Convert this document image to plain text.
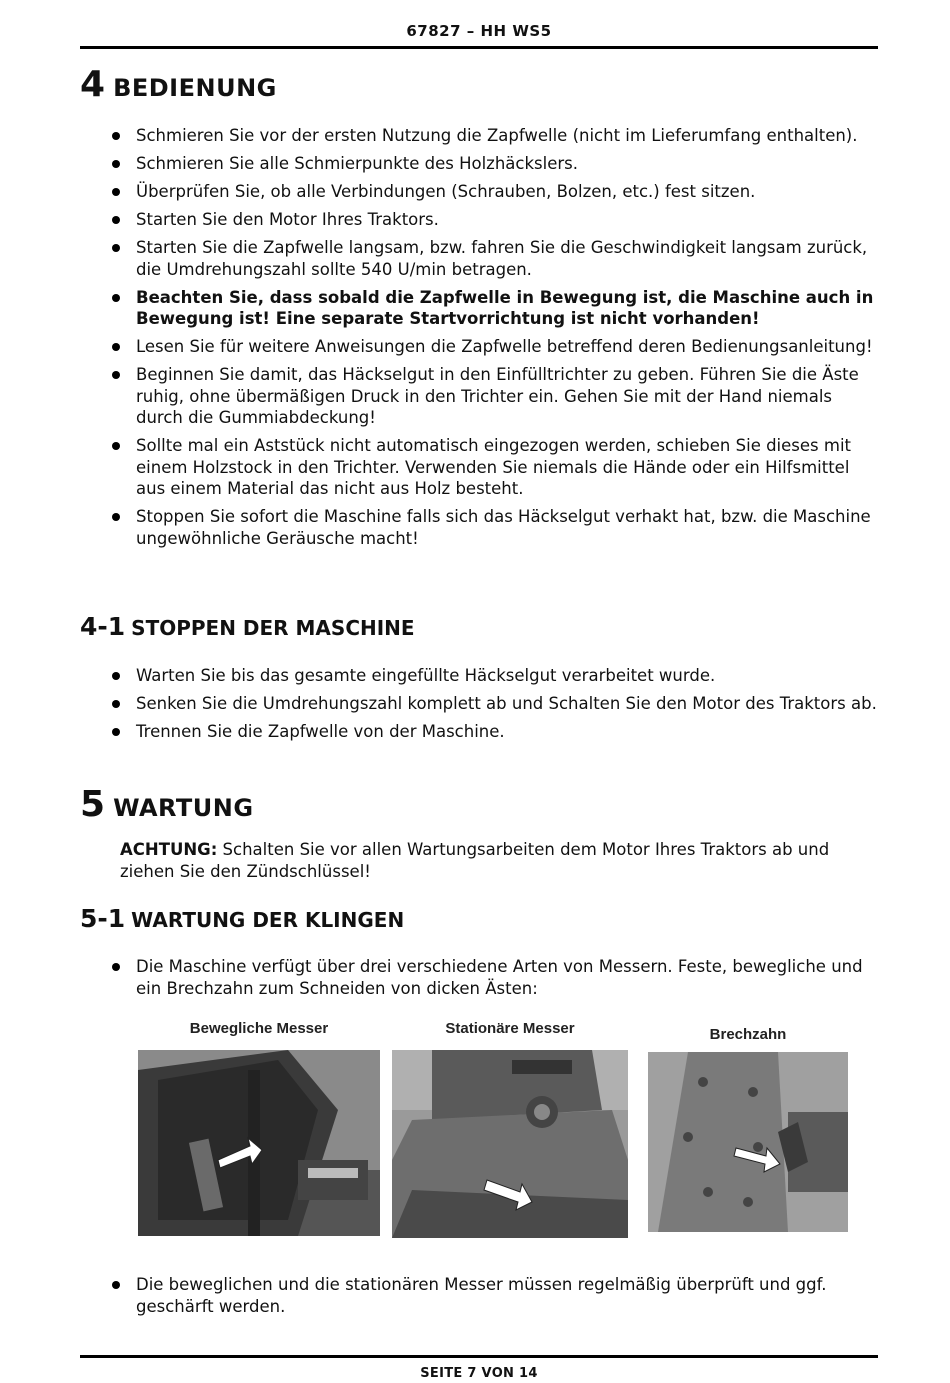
67827 – HH WS5
4 BEDIENUNG
Schmieren Sie vor der ersten Nutzung die Zapfwelle (nicht im Lieferumfang enthalten).
Schmieren Sie alle Schmierpunkte des Holzhäckslers.
Überprüfen Sie, ob alle Verbindungen (Schrauben, Bolzen, etc.) fest sitzen.
Starten Sie den Motor Ihres Traktors.
Starten Sie die Zapfwelle langsam, bzw. fahren Sie die Geschwindigkeit langsam zurück, die Umdrehungszahl sollte 540 U/min betragen.
Beachten Sie, dass sobald die Zapfwelle in Bewegung ist, die Maschine auch in Bewegung ist! Eine separate Startvorrichtung ist nicht vorhanden!
Lesen Sie für weitere Anweisungen die Zapfwelle betreffend deren Bedienungsanleitung!
Beginnen Sie damit, das Häckselgut in den Einfülltrichter zu geben. Führen Sie die Äste ruhig, ohne übermäßigen Druck in den Trichter ein. Gehen Sie mit der Hand niemals durch die Gummiabdeckung!
Sollte mal ein Aststück nicht automatisch eingezogen werden, schieben Sie dieses mit einem Holzstock in den Trichter. Verwenden Sie niemals die Hände oder ein Hilfsmittel aus einem Material das nicht aus Holz besteht.
Stoppen Sie sofort die Maschine falls sich das Häckselgut verhakt hat, bzw. die Maschine ungewöhnliche Geräusche macht!
4-1 STOPPEN DER MASCHINE
Warten Sie bis das gesamte eingefüllte Häckselgut verarbeitet wurde.
Senken Sie die Umdrehungszahl komplett ab und Schalten Sie den Motor des Traktors ab.
Trennen Sie die Zapfwelle von der Maschine.
5 WARTUNG
ACHTUNG: Schalten Sie vor allen Wartungsarbeiten dem Motor Ihres Traktors ab und ziehen Sie den Zündschlüssel!
5-1 WARTUNG DER KLINGEN
Die Maschine verfügt über drei verschiedene Arten von Messern. Feste, bewegliche und ein Brechzahn zum Schneiden von dicken Ästen:
Bewegliche Messer	Stationäre Messer	Brechzahn
Die beweglichen und die stationären Messer müssen regelmäßig überprüft und ggf. geschärft werden.
SEITE 7 VON 14
